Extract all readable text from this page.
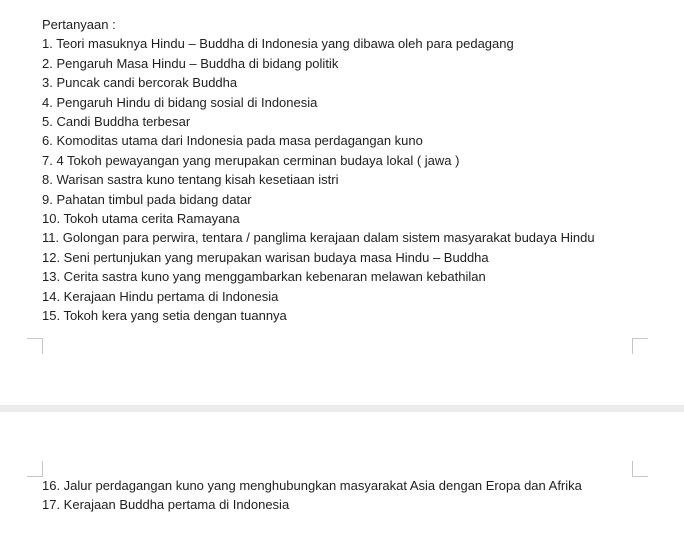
Pertanyaan :
1. Teori masuknya Hindu – Buddha di Indonesia yang dibawa oleh para pedagang
2. Pengaruh Masa Hindu – Buddha di bidang politik
3. Puncak candi bercorak Buddha
4. Pengaruh Hindu di bidang sosial di Indonesia
5. Candi Buddha terbesar
6. Komoditas utama dari Indonesia pada masa perdagangan kuno
7. 4 Tokoh pewayangan yang merupakan cerminan budaya lokal ( jawa )
8. Warisan sastra kuno tentang kisah kesetiaan istri
9. Pahatan timbul pada bidang datar
10. Tokoh utama cerita Ramayana
11. Golongan para perwira, tentara / panglima kerajaan dalam sistem masyarakat budaya Hindu
12. Seni pertunjukan yang merupakan warisan budaya masa Hindu – Buddha
13. Cerita sastra kuno yang menggambarkan kebenaran melawan kebathilan
14. Kerajaan Hindu pertama di Indonesia
15. Tokoh kera yang setia dengan tuannya
16. Jalur perdagangan kuno yang menghubungkan masyarakat Asia dengan Eropa dan Afrika
17. Kerajaan Buddha pertama di Indonesia
